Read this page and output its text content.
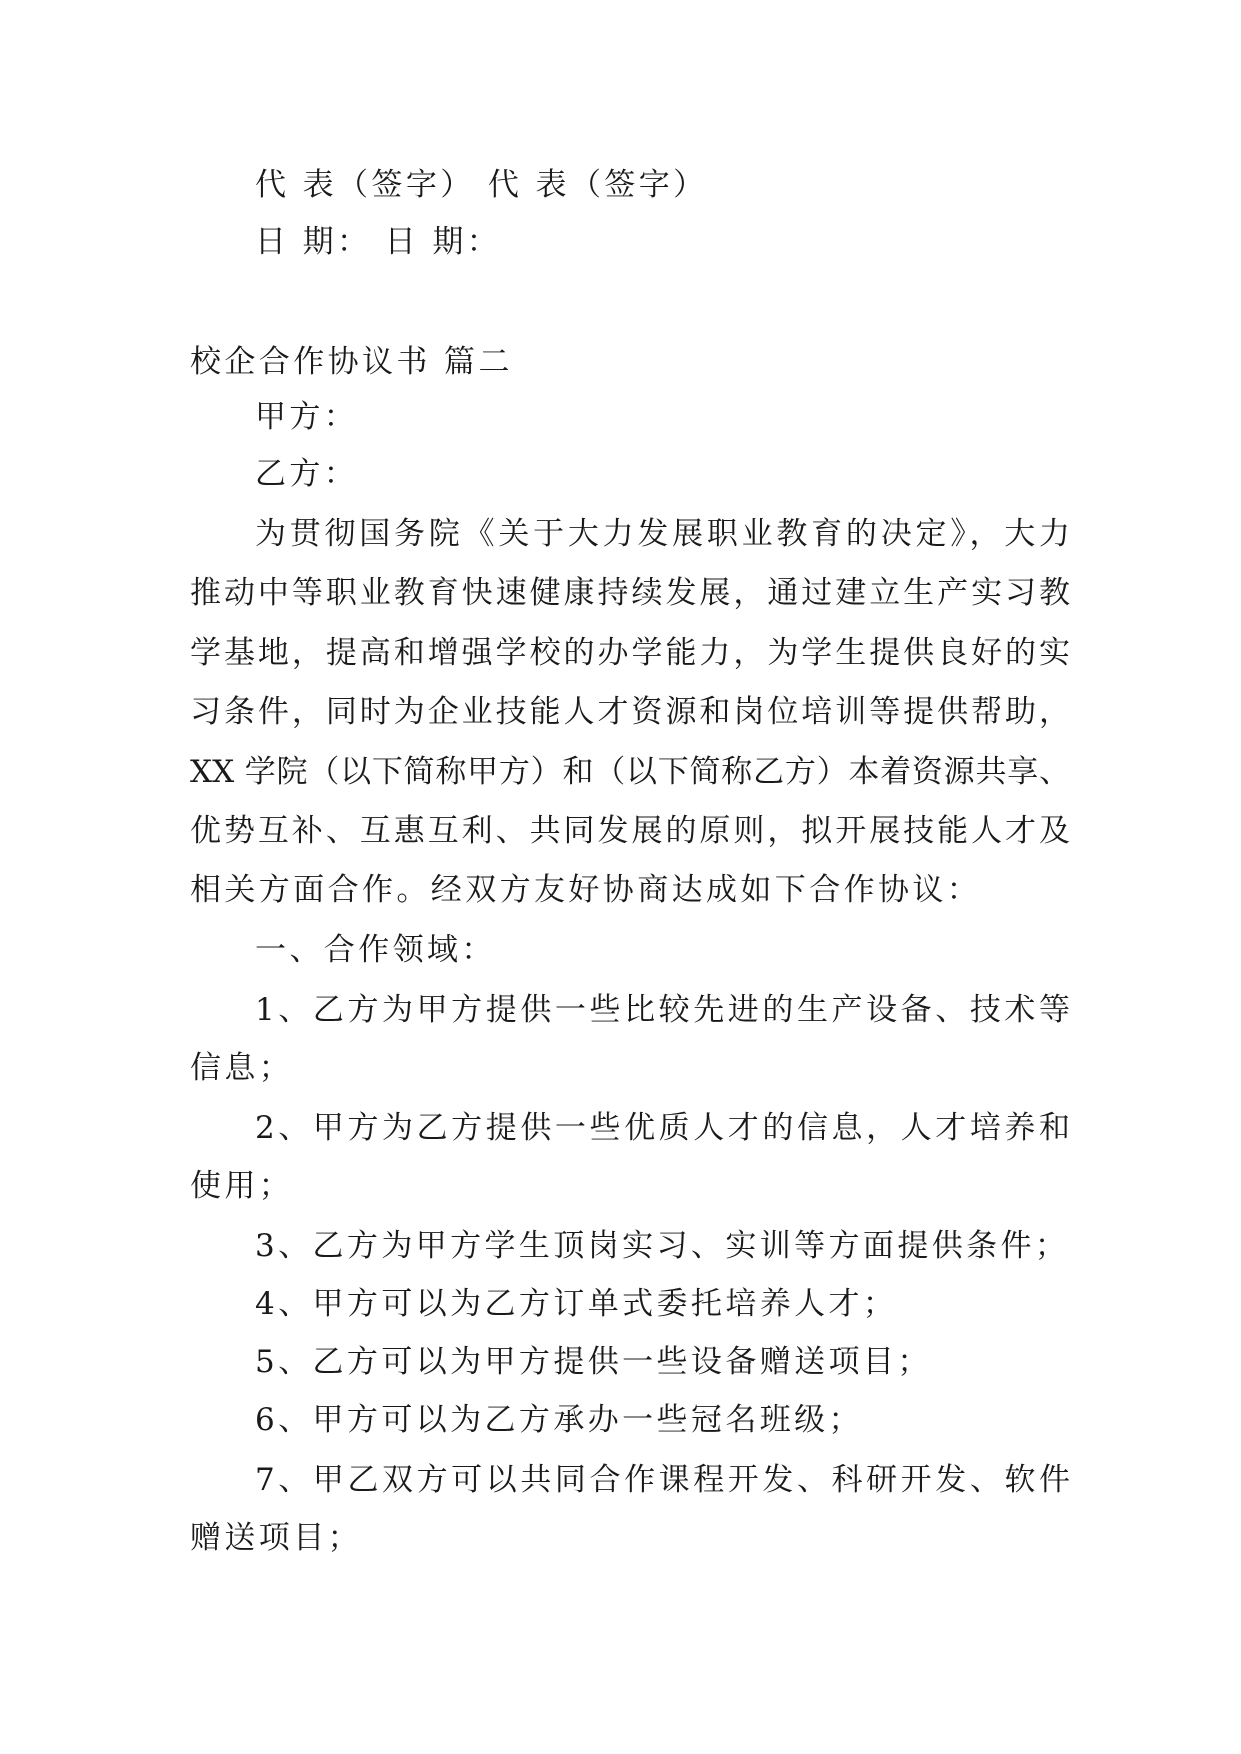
代 表（签字） 代 表（签字）
日 期： 日 期：
校企合作协议书 篇二
甲方：
乙方：
为贯彻国务院《关于大力发展职业教育的决定》，大力
推动中等职业教育快速健康持续发展，通过建立生产实习教
学基地，提高和增强学校的办学能力，为学生提供良好的实
习条件，同时为企业技能人才资源和岗位培训等提供帮助，
XX 学院（以下简称甲方）和（以下简称乙方）本着资源共享、
优势互补、互惠互利、共同发展的原则，拟开展技能人才及
相关方面合作。经双方友好协商达成如下合作协议：
一、合作领域：
1、乙方为甲方提供一些比较先进的生产设备、技术等
信息；
2、甲方为乙方提供一些优质人才的信息，人才培养和
使用；
3、乙方为甲方学生顶岗实习、实训等方面提供条件；
4、甲方可以为乙方订单式委托培养人才；
5、乙方可以为甲方提供一些设备赠送项目；
6、甲方可以为乙方承办一些冠名班级；
7、甲乙双方可以共同合作课程开发、科研开发、软件
赠送项目；
